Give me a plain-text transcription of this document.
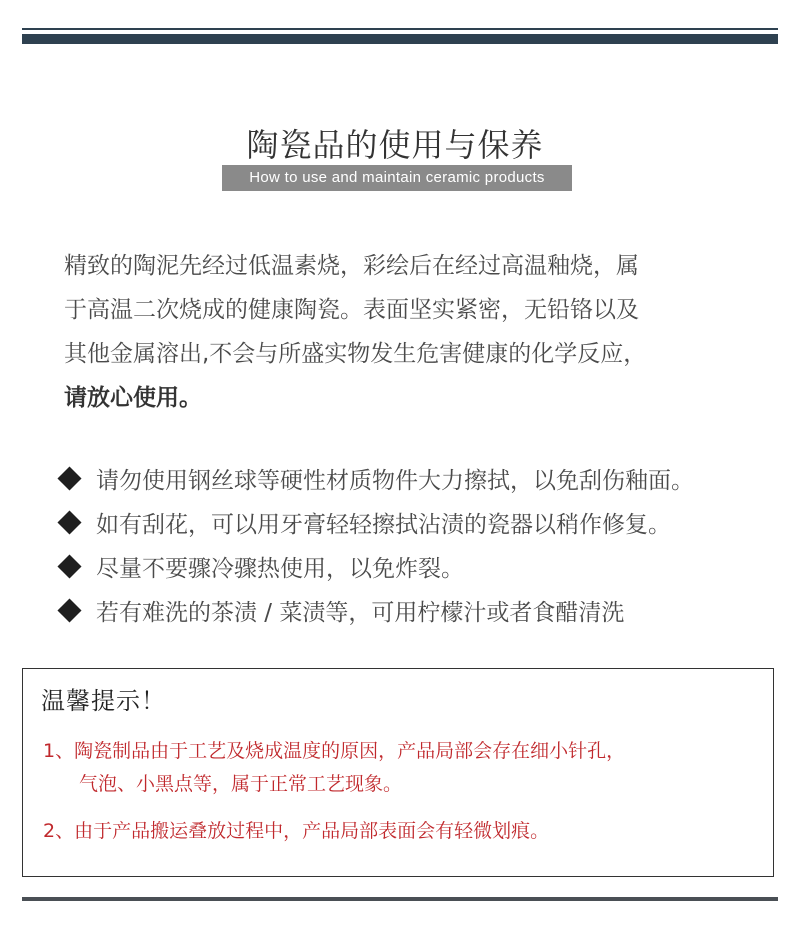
陶瓷品的使用与保养
How to use and maintain ceramic products
精致的陶泥先经过低温素烧，彩绘后在经过高温釉烧，属
于高温二次烧成的健康陶瓷。表面坚实紧密，无铅铬以及
其他金属溶出,不会与所盛实物发生危害健康的化学反应，
请放心使用。
请勿使用钢丝球等硬性材质物件大力擦拭，以免刮伤釉面。
如有刮花，可以用牙膏轻轻擦拭沾渍的瓷器以稍作修复。
尽量不要骤冷骤热使用，以免炸裂。
若有难洗的茶渍 / 菜渍等，可用柠檬汁或者食醋清洗
温馨提示！
1、陶瓷制品由于工艺及烧成温度的原因，产品局部会存在细小针孔，
气泡、小黑点等，属于正常工艺现象。
2、由于产品搬运叠放过程中，产品局部表面会有轻微划痕。
